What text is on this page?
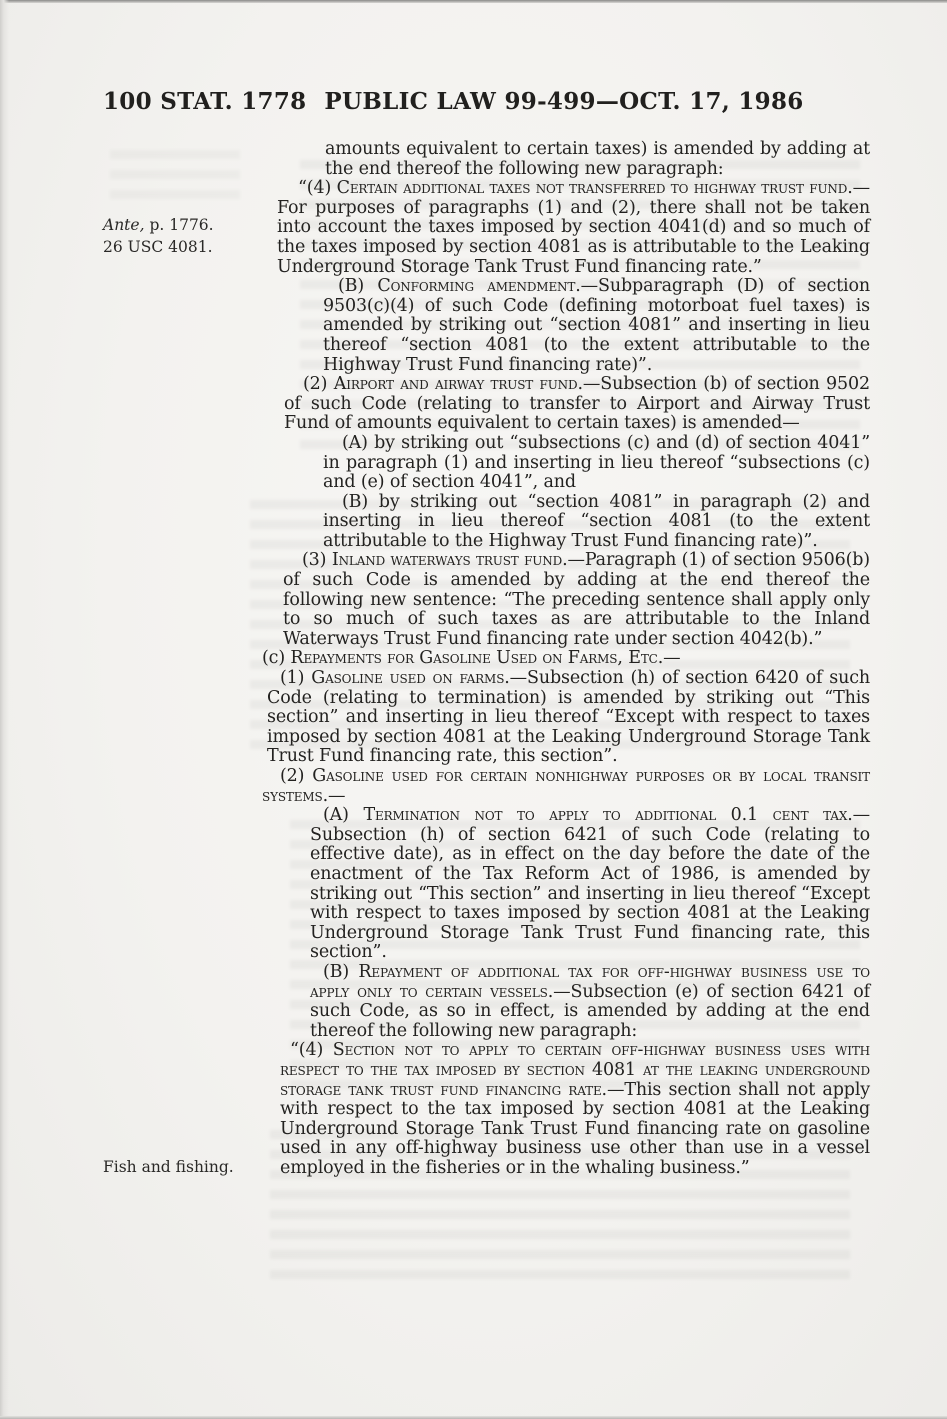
100 STAT. 1778 PUBLIC LAW 99-499—OCT. 17, 1986
Ante, p. 1776.
26 USC 4081.
Fish and fishing.

amounts equivalent to certain taxes) is amended by adding at the end thereof the following new paragraph:

“(4) Certain additional taxes not transferred to highway trust fund.—For purposes of paragraphs (1) and (2), there shall not be taken into account the taxes imposed by section 4041(d) and so much of the taxes imposed by section 4081 as is attributable to the Leaking Underground Storage Tank Trust Fund financing rate.”

(B) Conforming amendment.—Subparagraph (D) of section 9503(c)(4) of such Code (defining motorboat fuel taxes) is amended by striking out “section 4081” and inserting in lieu thereof “section 4081 (to the extent attributable to the Highway Trust Fund financing rate)”.

(2) Airport and airway trust fund.—Subsection (b) of section 9502 of such Code (relating to transfer to Airport and Airway Trust Fund of amounts equivalent to certain taxes) is amended—

(A) by striking out “subsections (c) and (d) of section 4041” in paragraph (1) and inserting in lieu thereof “subsections (c) and (e) of section 4041”, and

(B) by striking out “section 4081” in paragraph (2) and inserting in lieu thereof “section 4081 (to the extent attributable to the Highway Trust Fund financing rate)”.

(3) Inland waterways trust fund.—Paragraph (1) of section 9506(b) of such Code is amended by adding at the end thereof the following new sentence: “The preceding sentence shall apply only to so much of such taxes as are attributable to the Inland Waterways Trust Fund financing rate under section 4042(b).”

(c) Repayments for Gasoline Used on Farms, Etc.—

(1) Gasoline used on farms.—Subsection (h) of section 6420 of such Code (relating to termination) is amended by striking out “This section” and inserting in lieu thereof “Except with respect to taxes imposed by section 4081 at the Leaking Underground Storage Tank Trust Fund financing rate, this section”.

(2) Gasoline used for certain nonhighway purposes or by local transit systems.—

(A) Termination not to apply to additional 0.1 cent tax.—Subsection (h) of section 6421 of such Code (relating to effective date), as in effect on the day before the date of the enactment of the Tax Reform Act of 1986, is amended by striking out “This section” and inserting in lieu thereof “Except with respect to taxes imposed by section 4081 at the Leaking Underground Storage Tank Trust Fund financing rate, this section”.

(B) Repayment of additional tax for off-highway business use to apply only to certain vessels.—Subsection (e) of section 6421 of such Code, as so in effect, is amended by adding at the end thereof the following new paragraph:

“(4) Section not to apply to certain off-highway business uses with respect to the tax imposed by section 4081 at the leaking underground storage tank trust fund financing rate.—This section shall not apply with respect to the tax imposed by section 4081 at the Leaking Underground Storage Tank Trust Fund financing rate on gasoline used in any off-highway business use other than use in a vessel employed in the fisheries or in the whaling business.”
